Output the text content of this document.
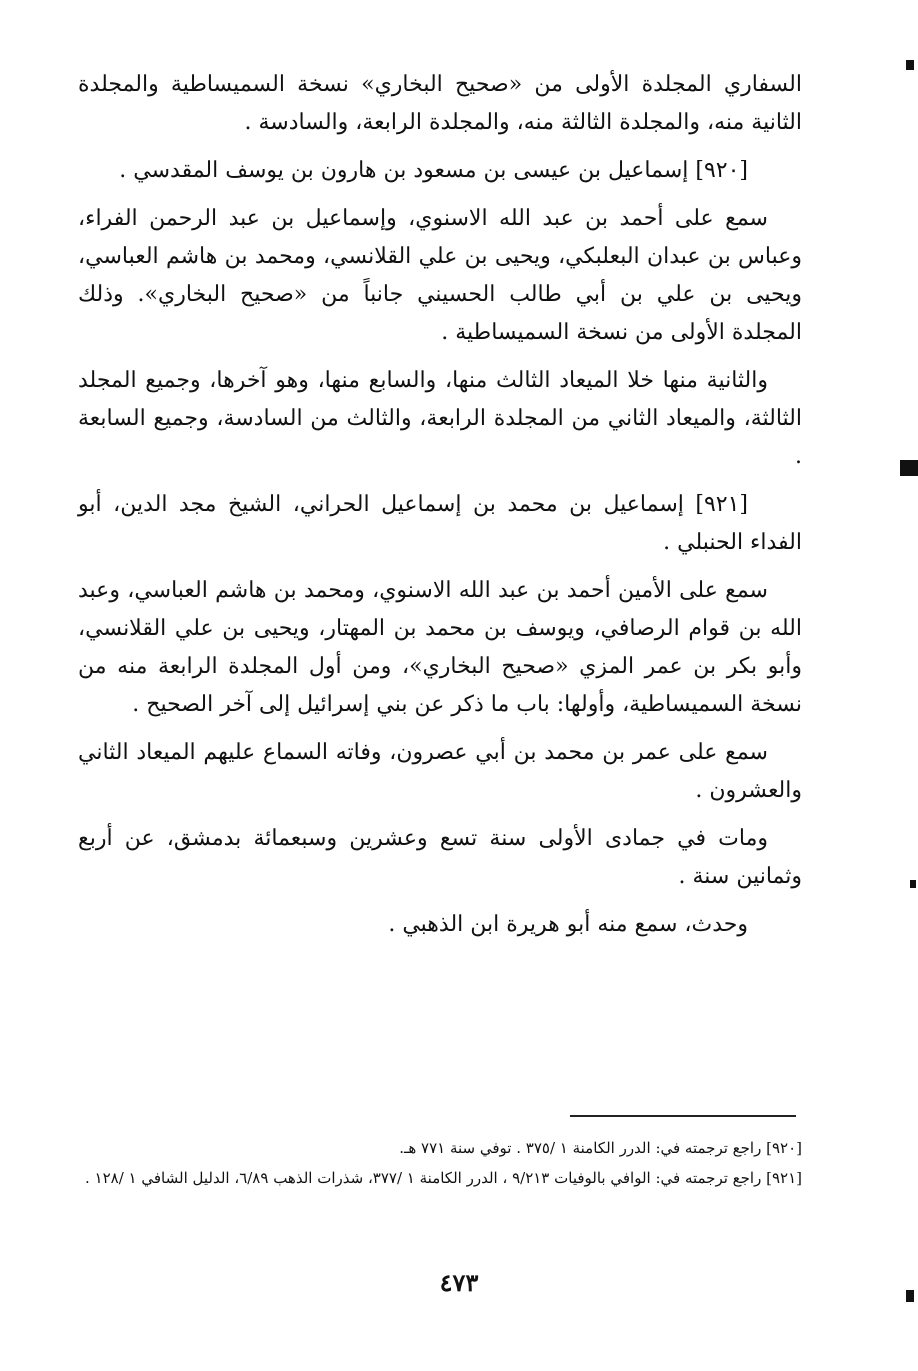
السفاري المجلدة الأولى من «صحيح البخاري» نسخة السميساطية والمجلدة الثانية منه، والمجلدة الثالثة منه، والمجلدة الرابعة، والسادسة .

[٩٢٠] إسماعيل بن عيسى بن مسعود بن هارون بن يوسف المقدسي .

سمع على أحمد بن عبد الله الاسنوي، وإسماعيل بن عبد الرحمن الفراء، وعباس بن عبدان البعلبكي، ويحيى بن علي القلانسي، ومحمد بن هاشم العباسي، ويحيى بن علي بن أبي طالب الحسيني جانباً من «صحيح البخاري». وذلك المجلدة الأولى من نسخة السميساطية .

والثانية منها خلا الميعاد الثالث منها، والسابع منها، وهو آخرها، وجميع المجلد الثالثة، والميعاد الثاني من المجلدة الرابعة، والثالث من السادسة، وجميع السابعة .

[٩٢١] إسماعيل بن محمد بن إسماعيل الحراني، الشيخ مجد الدين، أبو الفداء الحنبلي .

سمع على الأمين أحمد بن عبد الله الاسنوي، ومحمد بن هاشم العباسي، وعبد الله بن قوام الرصافي، ويوسف بن محمد بن المهتار، ويحيى بن علي القلانسي، وأبو بكر بن عمر المزي «صحيح البخاري»، ومن أول المجلدة الرابعة منه من نسخة السميساطية، وأولها: باب ما ذكر عن بني إسرائيل إلى آخر الصحيح .

سمع على عمر بن محمد بن أبي عصرون، وفاته السماع عليهم الميعاد الثاني والعشرون .

ومات في جمادى الأولى سنة تسع وعشرين وسبعمائة بدمشق، عن أربع وثمانين سنة .

وحدث، سمع منه أبو هريرة ابن الذهبي .

[٩٢٠] راجع ترجمته في: الدرر الكامنة ١ /٣٧٥ . توفي سنة ٧٧١ هـ.

[٩٢١] راجع ترجمته في: الوافي بالوفيات ٩/٢١٣ ، الدرر الكامنة ١ /٣٧٧، شذرات الذهب ٦/٨٩، الدليل الشافي ١ /١٢٨ .

٤٧٣
